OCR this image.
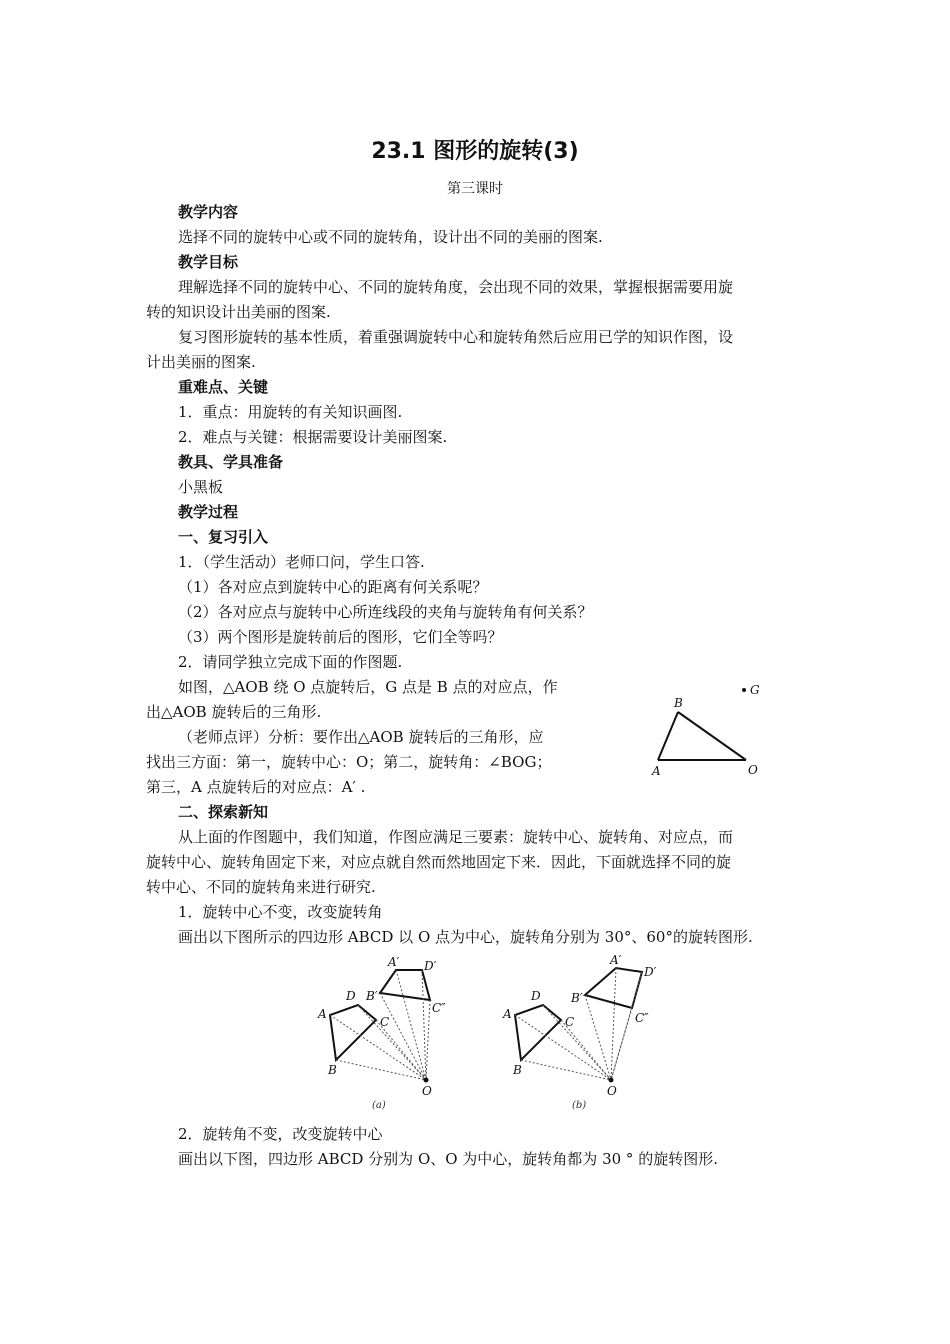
23.1 图形的旋转(3)
第三课时
教学内容
选择不同的旋转中心或不同的旋转角，设计出不同的美丽的图案.
教学目标
理解选择不同的旋转中心、不同的旋转角度，会出现不同的效果，掌握根据需要用旋
转的知识设计出美丽的图案.
复习图形旋转的基本性质，着重强调旋转中心和旋转角然后应用已学的知识作图，设
计出美丽的图案.
重难点、关键
1．重点：用旋转的有关知识画图.
2．难点与关键：根据需要设计美丽图案.
教具、学具准备
小黑板
教学过程
一、复习引入
1．（学生活动）老师口问，学生口答.
（1）各对应点到旋转中心的距离有何关系呢？
（2）各对应点与旋转中心所连线段的夹角与旋转角有何关系？
（3）两个图形是旋转前后的图形，它们全等吗？
2．请同学独立完成下面的作图题.
如图，△AOB 绕 O 点旋转后，G 点是 B 点的对应点，作
出△AOB 旋转后的三角形.
（老师点评）分析：要作出△AOB 旋转后的三角形，应
找出三方面：第一，旋转中心：O；第二，旋转角：∠BOG；
第三，A 点旋转后的对应点：A′ .
B
A	O
G
二、探索新知
从上面的作图题中，我们知道，作图应满足三要素：旋转中心、旋转角、对应点，而
旋转中心、旋转角固定下来，对应点就自然而然地固定下来．因此，下面就选择不同的旋
转中心、不同的旋转角来进行研究.
1．旋转中心不变，改变旋转角
画出以下图所示的四边形 ABCD 以 O 点为中心，旋转角分别为 30°、60°的旋转图形.
A
B
C
D
O
A′
B′
C″
D′
(a)
A
B
C
D
O
A′
B′
C″
D′
(b)
2．旋转角不变，改变旋转中心
画出以下图，四边形 ABCD 分别为 O、O 为中心，旋转角都为 30 ° 的旋转图形.
